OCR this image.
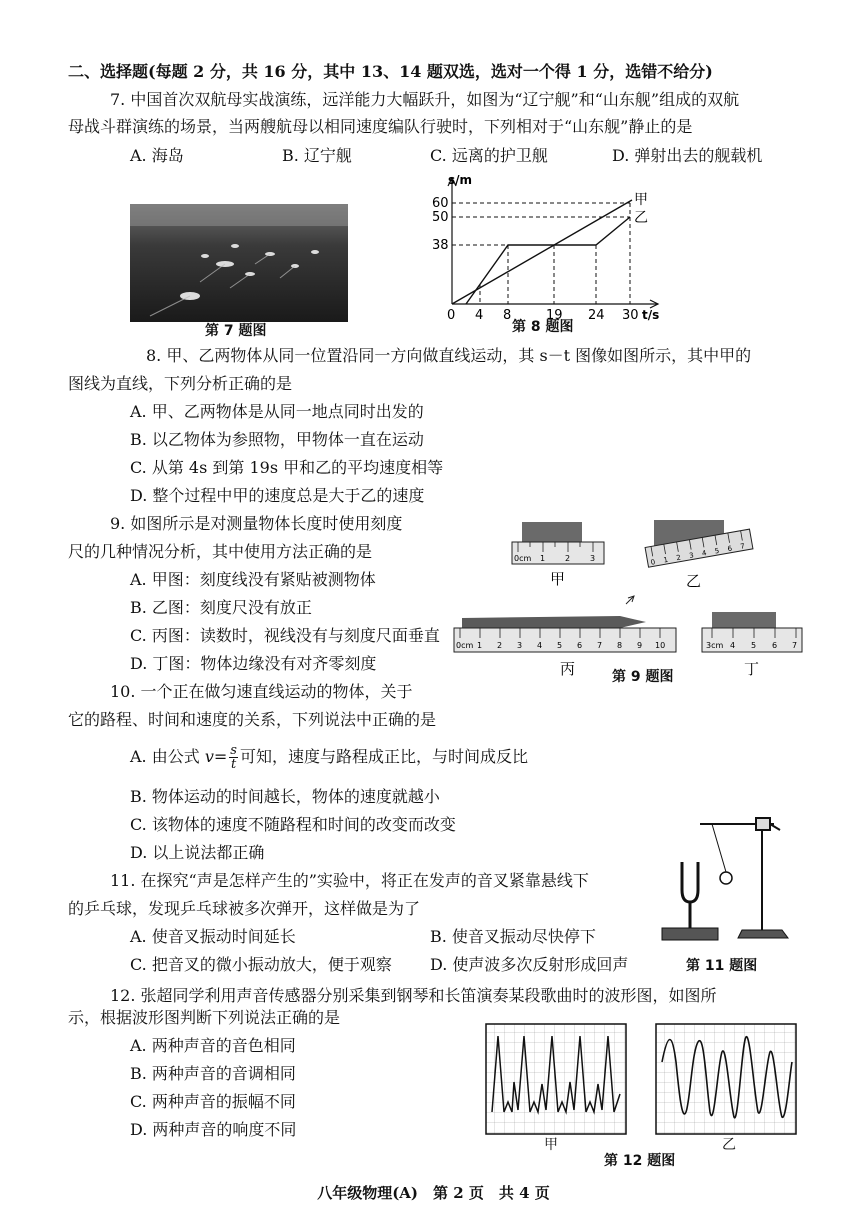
二、选择题(每题 2 分，共 16 分，其中 13、14 题双选，选对一个得 1 分，选错不给分)
7. 中国首次双航母实战演练，远洋能力大幅跃升，如图为“辽宁舰”和“山东舰”组成的双航
母战斗群演练的场景，当两艘航母以相同速度编队行驶时，下列相对于“山东舰”静止的是
A. 海岛	B. 辽宁舰	C. 远离的护卫舰	D. 弹射出去的舰载机
第 7 题图
s/m
60
50
38
0 4 8	19 24 30 t/s
甲
乙
第 8 题图
8. 甲、乙两物体从同一位置沿同一方向做直线运动，其 s－t 图像如图所示，其中甲的
图线为直线，下列分析正确的是
A. 甲、乙两物体是从同一地点同时出发的
B. 以乙物体为参照物，甲物体一直在运动
C. 从第 4s 到第 19s 甲和乙的平均速度相等
D. 整个过程中甲的速度总是大于乙的速度
9. 如图所示是对测量物体长度时使用刻度
尺的几种情况分析，其中使用方法正确的是
A. 甲图：刻度线没有紧贴被测物体
B. 乙图：刻度尺没有放正
C. 丙图：读数时，视线没有与刻度尺面垂直
D. 丁图：物体边缘没有对齐零刻度
0cm 1 2 3
甲
0 1 2 3 4 5 6 7
乙
0cm 1 2 3 4 5 6 7 8 9 10
丙
3cm 4 5 6 7
丁
第 9 题图
10. 一个正在做匀速直线运动的物体，关于
它的路程、时间和速度的关系，下列说法中正确的是
A. 由公式 $v= \frac{s}{t}$ 可知，速度与路程成正比，与时间成反比
B. 物体运动的时间越长，物体的速度就越小
C. 该物体的速度不随路程和时间的改变而改变
D. 以上说法都正确
11. 在探究“声是怎样产生的”实验中，将正在发声的音叉紧靠悬线下
的乒乓球，发现乒乓球被多次弹开，这样做是为了
A. 使音叉振动时间延长	B. 使音叉振动尽快停下
C. 把音叉的微小振动放大，便于观察 D. 使声波多次反射形成回声	第 11 题图
12. 张超同学利用声音传感器分别采集到钢琴和长笛演奏某段歌曲时的波形图，如图所
示，根据波形图判断下列说法正确的是
A. 两种声音的音色相同
B. 两种声音的音调相同
C. 两种声音的振幅不同
D. 两种声音的响度不同
甲	乙
第 12 题图
八年级物理(A)　第 2 页　共 4 页
